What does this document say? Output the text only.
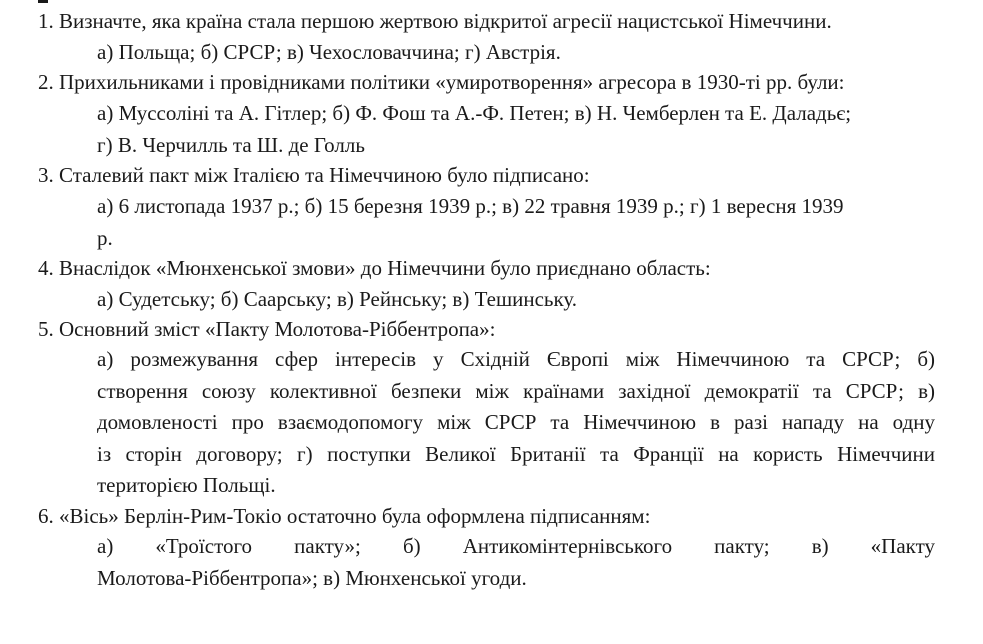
1. Визначте, яка країна стала першою жертвою відкритої агресії нацистської Німеччини.
а) Польща; б) СРСР; в) Чехословаччина; г) Австрія.
2. Прихильниками і провідниками політики «умиротворення» агресора в 1930-ті рр. були:
а) Муссоліні та А. Гітлер; б) Ф. Фош та А.-Ф. Петен; в) Н. Чемберлен та Е. Даладьє;
г) В. Черчилль та Ш. де Голль
3. Сталевий пакт між Італією та Німеччиною було підписано:
а) 6 листопада 1937 р.; б) 15 березня 1939 р.; в) 22 травня 1939 р.; г) 1 вересня 1939
р.
4. Внаслідок «Мюнхенської змови» до Німеччини було приєднано область:
а) Судетську; б) Саарську; в) Рейнську; в) Тешинську.
5. Основний зміст «Пакту Молотова-Ріббентропа»:
а) розмежування сфер інтересів у Східній Європі між Німеччиною та СРСР; б)
створення союзу колективної безпеки між країнами західної демократії та СРСР; в)
домовленості про взаємодопомогу між СРСР та Німеччиною в разі нападу на одну
із сторін договору; г) поступки Великої Британії та Франції на користь Німеччини
територією Польщі.
6. «Вісь» Берлін-Рим-Токіо остаточно була оформлена підписанням:
а) «Троїстого пакту»; б) Антикомінтернівського пакту; в) «Пакту
Молотова-Ріббентропа»; в) Мюнхенської угоди.
